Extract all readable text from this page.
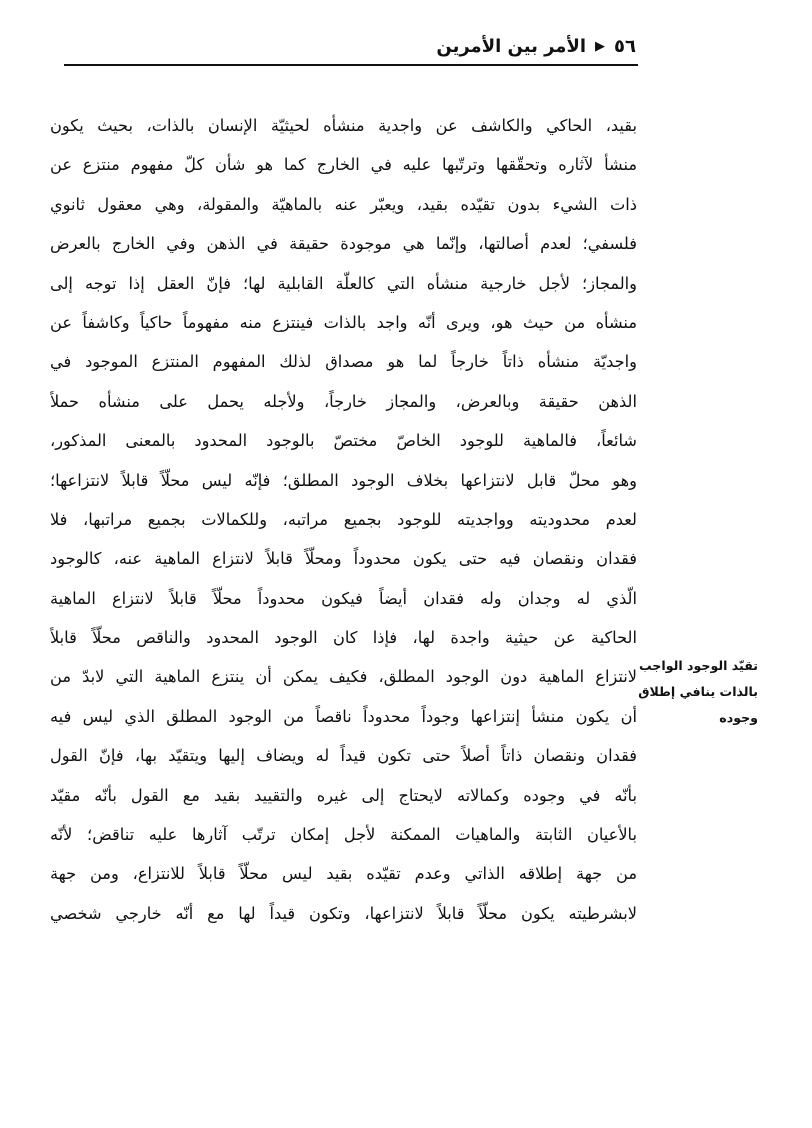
٥٦
▶
الأمر بين الأمرين
بقيد، الحاكي والكاشف عن واجدية منشأه لحيثيّة الإنسان بالذات، بحيث يكون
منشأ لآثاره وتحقّقها وترتّبها عليه في الخارج كما هو شأن كلّ مفهوم منتزع عن
ذات الشيء بدون تقيّده بقيد، ويعبّر عنه بالماهيّة والمقولة، وهي معقول ثانوي
فلسفي؛ لعدم أصالتها، وإنّما هي موجودة حقيقة في الذهن وفي الخارج بالعرض
والمجاز؛ لأجل خارجية منشأه التي كالعلّة القابلية لها؛ فإنّ العقل إذا توجه إلى
منشأه من حيث هو، ويرى أنّه واجد بالذات فينتزع منه مفهوماً حاكياً وكاشفاً عن
واجديّة منشأه ذاتاً خارجاً لما هو مصداق لذلك المفهوم المنتزع الموجود في
الذهن حقيقة وبالعرض، والمجاز خارجاً، ولأجله يحمل على منشأه حملاً
شائعاً، فالماهية للوجود الخاصّ مختصّ بالوجود المحدود بالمعنى المذكور،
وهو محلّ قابل لانتزاعها بخلاف الوجود المطلق؛ فإنّه ليس محلّاً قابلاً لانتزاعها؛
لعدم محدوديته وواجديته للوجود بجميع مراتبه، وللكمالات بجميع مراتبها، فلا
فقدان ونقصان فيه حتى يكون محدوداً ومحلّاً قابلاً لانتزاع الماهية عنه، كالوجود
الّذي له وجدان وله فقدان أيضاً فيكون محدوداً محلّاً قابلاً لانتزاع الماهية
الحاكية عن حيثية واجدة لها، فإذا كان الوجود المحدود والناقص محلّاً قابلاً
لانتزاع الماهية دون الوجود المطلق، فكيف يمكن أن ينتزع الماهية التي لابدّ من
أن يكون منشأ إنتزاعها وجوداً محدوداً ناقصاً من الوجود المطلق الذي ليس فيه
فقدان ونقصان ذاتاً أصلاً حتى تكون قيداً له ويضاف إليها ويتقيّد بها، فإنّ القول
بأنّه في وجوده وكمالاته لايحتاج إلى غيره والتقييد بقيد مع القول بأنّه مقيّد
بالأعيان الثابتة والماهيات الممكنة لأجل إمكان ترتّب آثارها عليه تناقض؛ لأنّه
من جهة إطلاقه الذاتي وعدم تقيّده بقيد ليس محلّاً قابلاً للانتزاع، ومن جهة
لابشرطيته يكون محلّاً قابلاً لانتزاعها، وتكون قيداً لها مع أنّه خارجي شخصي
تقيّد الوجود الواجب
بالذات ينافي إطلاق
وجوده
